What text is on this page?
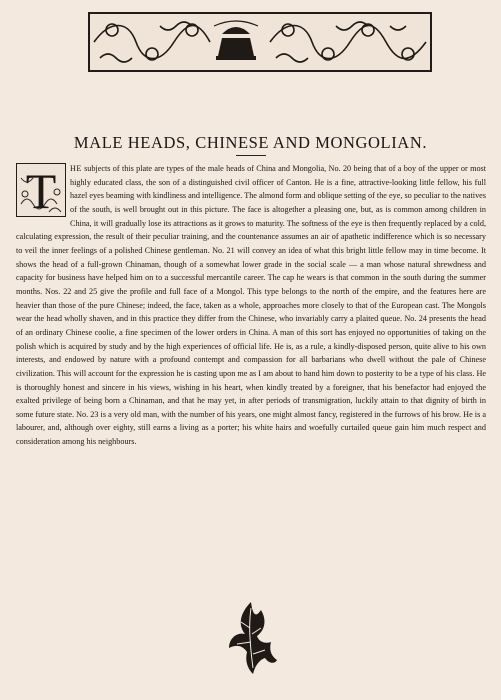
MALE HEADS, CHINESE AND MONGOLIAN.

T HE subjects of this plate are types of the male heads of China and Mongolia, No. 20 being that of a boy of the upper or most highly educated class, the son of a distinguished civil officer of Canton. He is a fine, attractive-looking little fellow, his full hazel eyes beaming with kindliness and intelligence. The almond form and oblique setting of the eye, so peculiar to the natives of the south, is well brought out in this picture. The face is altogether a pleasing one, but, as is common among children in China, it will gradually lose its attractions as it grows to maturity. The softness of the eye is then frequently replaced by a cold, calculating expression, the result of their peculiar training, and the countenance assumes an air of apathetic indifference which is so necessary to veil the inner feelings of a polished Chinese gentleman. No. 21 will convey an idea of what this bright little fellow may in time become. It shows the head of a full-grown Chinaman, though of a somewhat lower grade in the social scale — a man whose natural shrewdness and capacity for business have helped him on to a successful mercantile career. The cap he wears is that common in the south during the summer months. Nos. 22 and 25 give the profile and full face of a Mongol. This type belongs to the north of the empire, and the features here are heavier than those of the pure Chinese; indeed, the face, taken as a whole, approaches more closely to that of the European cast. The Mongols wear the head wholly shaven, and in this practice they differ from the Chinese, who invariably carry a plaited queue. No. 24 presents the head of an ordinary Chinese coolie, a fine specimen of the lower orders in China. A man of this sort has enjoyed no opportunities of taking on the polish which is acquired by study and by the high experiences of official life. He is, as a rule, a kindly-disposed person, quite alive to his own interests, and endowed by nature with a profound contempt and compassion for all barbarians who dwell without the pale of Chinese civilization. This will account for the expression he is casting upon me as I am about to hand him down to posterity to be a type of his class. He is thoroughly honest and sincere in his views, wishing in his heart, when kindly treated by a foreigner, that his benefactor had enjoyed the exalted privilege of being born a Chinaman, and that he may yet, in after periods of transmigration, luckily attain to that dignity of birth in some future state. No. 23 is a very old man, with the number of his years, one might almost fancy, registered in the furrows of his brow. He is a labourer, and, although over eighty, still earns a living as a porter; his white hairs and woefully curtailed queue gain him much respect and consideration among his neighbours.
